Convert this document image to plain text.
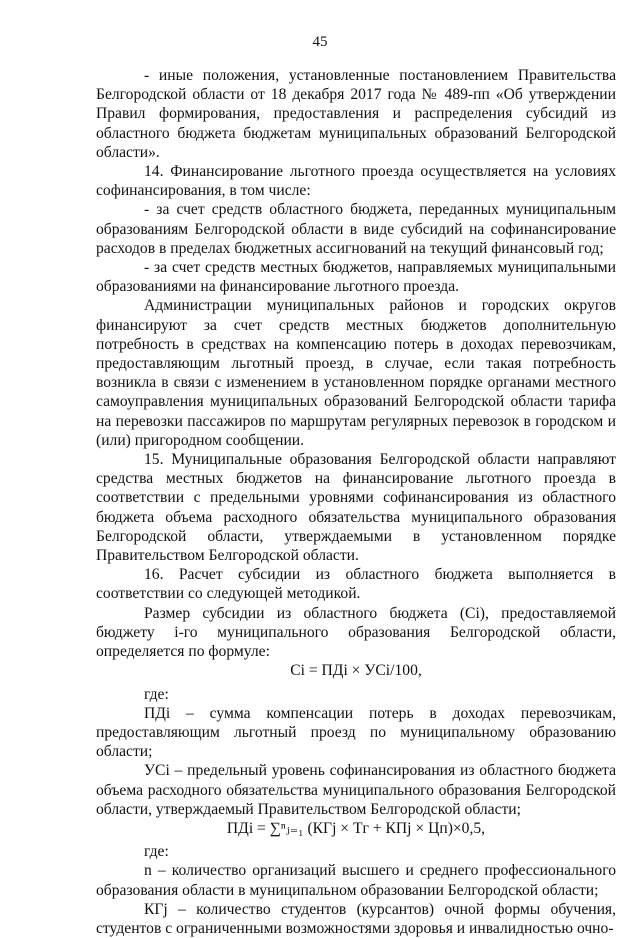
45

- иные положения, установленные постановлением Правительства Белгородской области от 18 декабря 2017 года № 489-пп «Об утверждении Правил формирования, предоставления и распределения субсидий из областного бюджета бюджетам муниципальных образований Белгородской области».

14. Финансирование льготного проезда осуществляется на условиях софинансирования, в том числе:

- за счет средств областного бюджета, переданных муниципальным образованиям Белгородской области в виде субсидий на софинансирование расходов в пределах бюджетных ассигнований на текущий финансовый год;

- за счет средств местных бюджетов, направляемых муниципальными образованиями на финансирование льготного проезда.

Администрации муниципальных районов и городских округов финансируют за счет средств местных бюджетов дополнительную потребность в средствах на компенсацию потерь в доходах перевозчикам, предоставляющим льготный проезд, в случае, если такая потребность возникла в связи с изменением в установленном порядке органами местного самоуправления муниципальных образований Белгородской области тарифа на перевозки пассажиров по маршрутам регулярных перевозок в городском и (или) пригородном сообщении.

15. Муниципальные образования Белгородской области направляют средства местных бюджетов на финансирование льготного проезда в соответствии с предельными уровнями софинансирования из областного бюджета объема расходного обязательства муниципального образования Белгородской области, утверждаемыми в установленном порядке Правительством Белгородской области.

16. Расчет субсидии из областного бюджета выполняется в соответствии со следующей методикой.

Размер субсидии из областного бюджета (Ci), предоставляемой бюджету i-го муниципального образования Белгородской области, определяется по формуле:

Ci = ПДi × УСi/100,

где:

ПДi – сумма компенсации потерь в доходах перевозчикам, предоставляющим льготный проезд по муниципальному образованию области;

УСi – предельный уровень софинансирования из областного бюджета объема расходного обязательства муниципального образования Белгородской области, утверждаемый Правительством Белгородской области;

ПДi = ∑ⁿⱼ₌₁ (КГj × Тг + КПj × Цп)×0,5,

где:

n – количество организаций высшего и среднего профессионального образования области в муниципальном образовании Белгородской области;

КГj – количество студентов (курсантов) очной формы обучения, студентов с ограниченными возможностями здоровья и инвалидностью очно-
